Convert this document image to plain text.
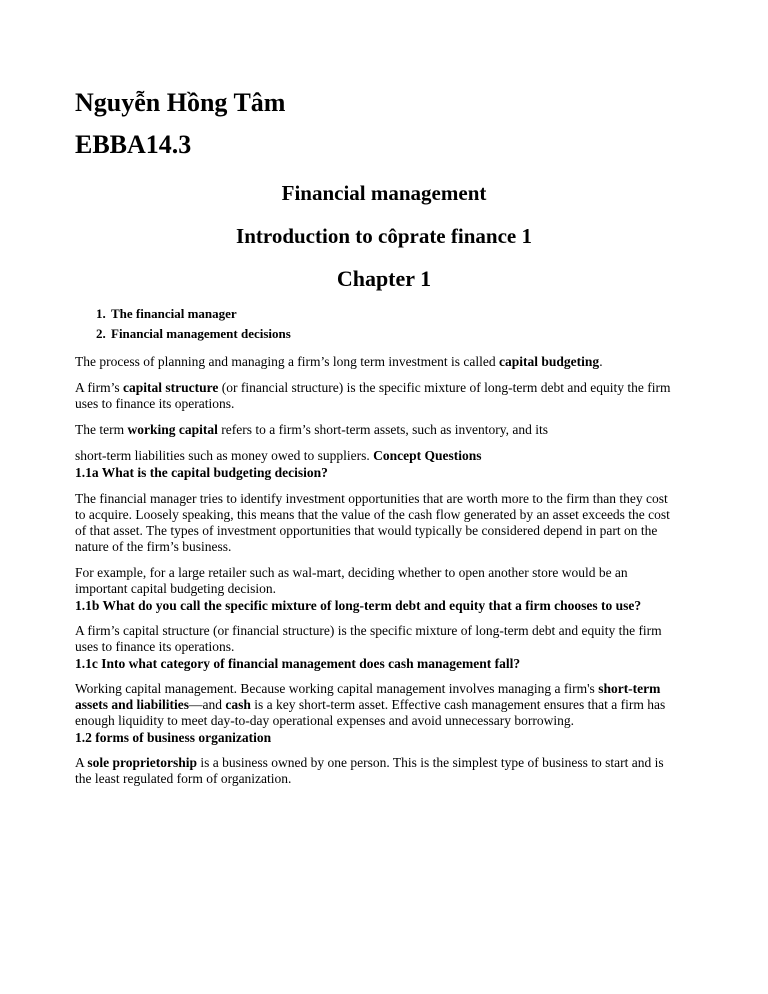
Nguyễn Hồng Tâm
EBBA14.3
Financial management
Introduction to côprate finance 1
Chapter 1
1. The financial manager
2. Financial management decisions

The process of planning and managing a firm’s long term investment is called capital budgeting.

A firm’s capital structure (or financial structure) is the specific mixture of long-term debt and equity the firm uses to finance its operations.

The term working capital refers to a firm’s short-term assets, such as inventory, and its

short-term liabilities such as money owed to suppliers. Concept Questions

1.1a What is the capital budgeting decision?

The financial manager tries to identify investment opportunities that are worth more to the firm than they cost to acquire. Loosely speaking, this means that the value of the cash flow generated by an asset exceeds the cost of that asset. The types of investment opportunities that would typically be considered depend in part on the nature of the firm’s business.

For example, for a large retailer such as wal-mart, deciding whether to open another store would be an important capital budgeting decision.

1.1b What do you call the specific mixture of long-term debt and equity that a firm chooses to use?

A firm’s capital structure (or financial structure) is the specific mixture of long-term debt and equity the firm uses to finance its operations.

1.1c Into what category of financial management does cash management fall?

Working capital management. Because working capital management involves managing a firm's short-term assets and liabilities—and cash is a key short-term asset. Effective cash management ensures that a firm has enough liquidity to meet day-to-day operational expenses and avoid unnecessary borrowing.

1.2 forms of business organization

A sole proprietorship is a business owned by one person. This is the simplest type of business to start and is the least regulated form of organization.
